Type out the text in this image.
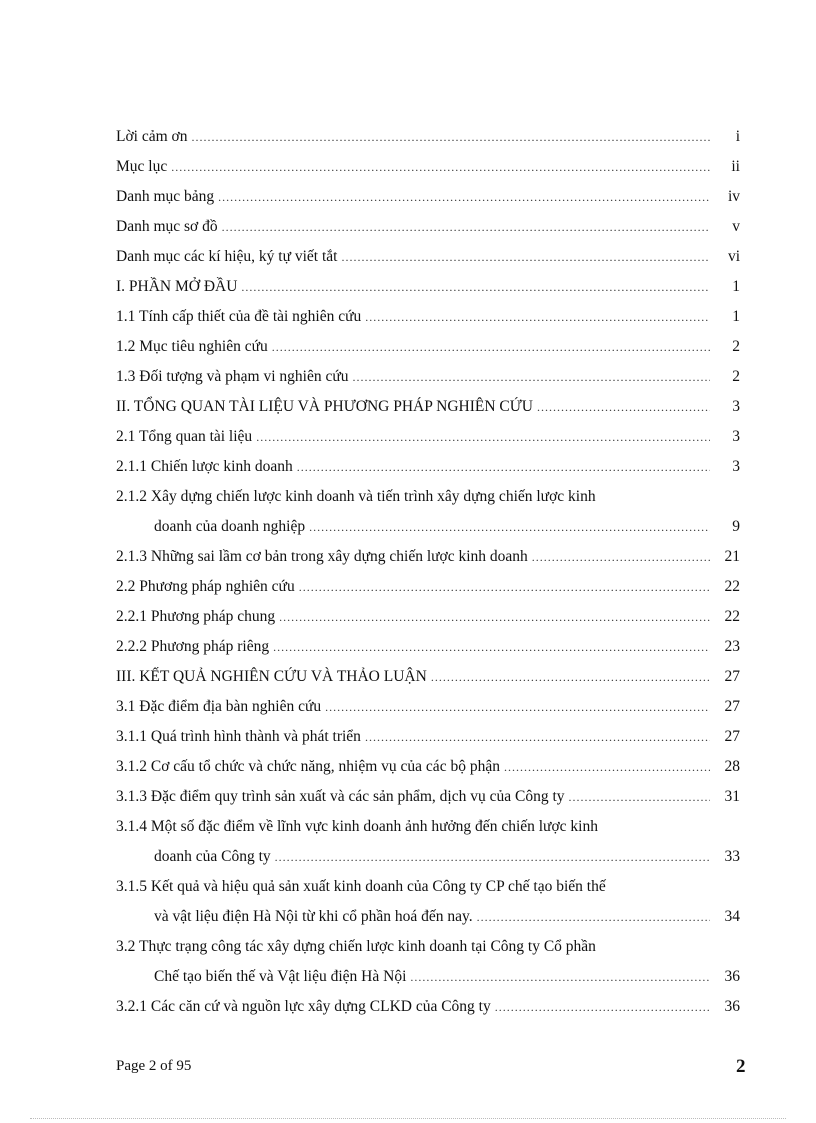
Lời cảm ơn .....	i
Mục lục .....	ii
Danh mục bảng .....	iv
Danh mục sơ đồ .....	v
Danh mục các kí hiệu, ký tự viết tắt .....	vi
I. PHẦN MỞ ĐẦU .....	1
1.1 Tính cấp thiết của đề tài nghiên cứu .....	1
1.2 Mục tiêu nghiên cứu .....	2
1.3 Đối tượng và phạm vi nghiên cứu .....	2
II. TỔNG QUAN TÀI LIỆU VÀ PHƯƠNG PHÁP NGHIÊN CỨU .....	3
2.1 Tổng quan tài liệu .....	3
2.1.1 Chiến lược kinh doanh .....	3
2.1.2 Xây dựng chiến lược kinh doanh và tiến trình xây dựng chiến lược kinh
doanh của doanh nghiệp .....	9
2.1.3 Những sai lầm cơ bản trong xây dựng chiến lược kinh doanh .....	21
2.2 Phương pháp nghiên cứu .....	22
2.2.1 Phương pháp chung .....	22
2.2.2 Phương pháp riêng .....	23
III. KẾT QUẢ NGHIÊN CỨU VÀ THẢO LUẬN .....	27
3.1 Đặc điểm địa bàn nghiên cứu .....	27
3.1.1 Quá trình hình thành và phát triển .....	27
3.1.2 Cơ cấu tổ chức và chức năng, nhiệm vụ của các bộ phận .....	28
3.1.3 Đặc điểm quy trình sản xuất và các sản phẩm, dịch vụ của Công ty .....	31
3.1.4 Một số đặc điểm về lĩnh vực kinh doanh ảnh hưởng đến chiến lược kinh
doanh của Công ty .....	33
3.1.5 Kết quả và hiệu quả sản xuất kinh doanh của Công ty CP chế tạo biến thế
và vật liệu điện Hà Nội từ khi cổ phần hoá đến nay. .....	34
3.2 Thực trạng công tác xây dựng chiến lược kinh doanh tại Công ty Cổ phần
Chế tạo biến thế và Vật liệu điện Hà Nội .....	36
3.2.1 Các căn cứ và nguồn lực xây dựng CLKD của Công ty .....	36
Page 2 of 95	2
